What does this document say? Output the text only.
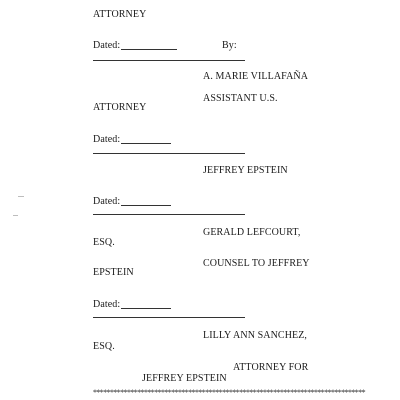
ATTORNEY
Dated:	By:
A. MARIE VILLAFAÑA
ASSISTANT U.S.
ATTORNEY
Dated:
JEFFREY EPSTEIN
Dated:
GERALD LEFCOURT,
ESQ.
COUNSEL TO JEFFREY
EPSTEIN
Dated:
LILLY ANN SANCHEZ,
ESQ.
ATTORNEY FOR
JEFFREY EPSTEIN
********************************************************************************
